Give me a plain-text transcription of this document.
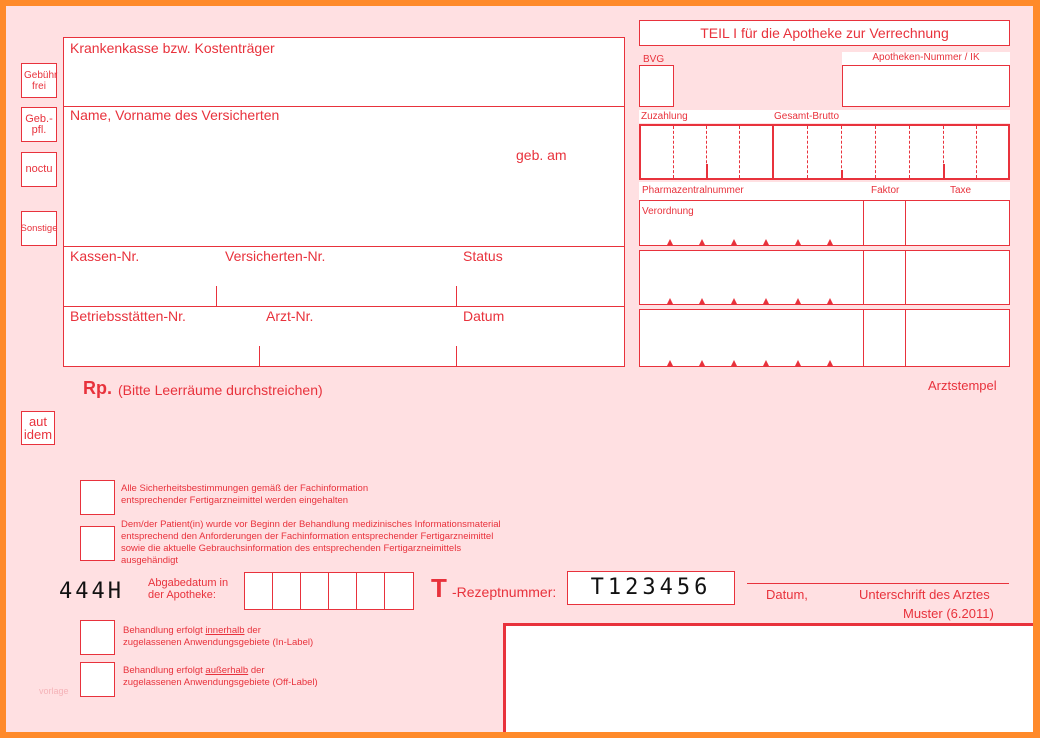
Gebühr frei
Geb.- pfl.
noctu
Sonstige
Krankenkasse bzw. Kostenträger
Name, Vorname des Versicherten
geb. am
Kassen-Nr.	Versicherten-Nr.	Status
Betriebsstätten-Nr.	Arzt-Nr.	Datum
TEIL I für die Apotheke zur Verrechnung
BVG	Apotheken-Nummer / IK
Zuzahlung	Gesamt-Brutto
Pharmazentralnummer	Faktor	Taxe
Verordnung
Rp. (Bitte Leerräume durchstreichen)	Arztstempel
aut idem
Alle Sicherheitsbestimmungen gemäß der Fachinformation entsprechender Fertigarzneimittel werden eingehalten
Dem/der Patient(in) wurde vor Beginn der Behandlung medizinisches Informationsmaterial entsprechend den Anforderungen der Fachinformation entsprechender Fertigarzneimittel sowie die aktuelle Gebrauchsinformation des entsprechenden Fertigarzneimittels ausgehändigt
444H Abgabedatum in der Apotheke:	T -Rezeptnummer:	T123456	Datum,	Unterschrift des Arztes
Muster (6.2011)
Behandlung erfolgt innerhalb der
zugelassenen Anwendungsgebiete (In-Label)
Behandlung erfolgt außerhalb der
zugelassenen Anwendungsgebiete (Off-Label)
vorlage
